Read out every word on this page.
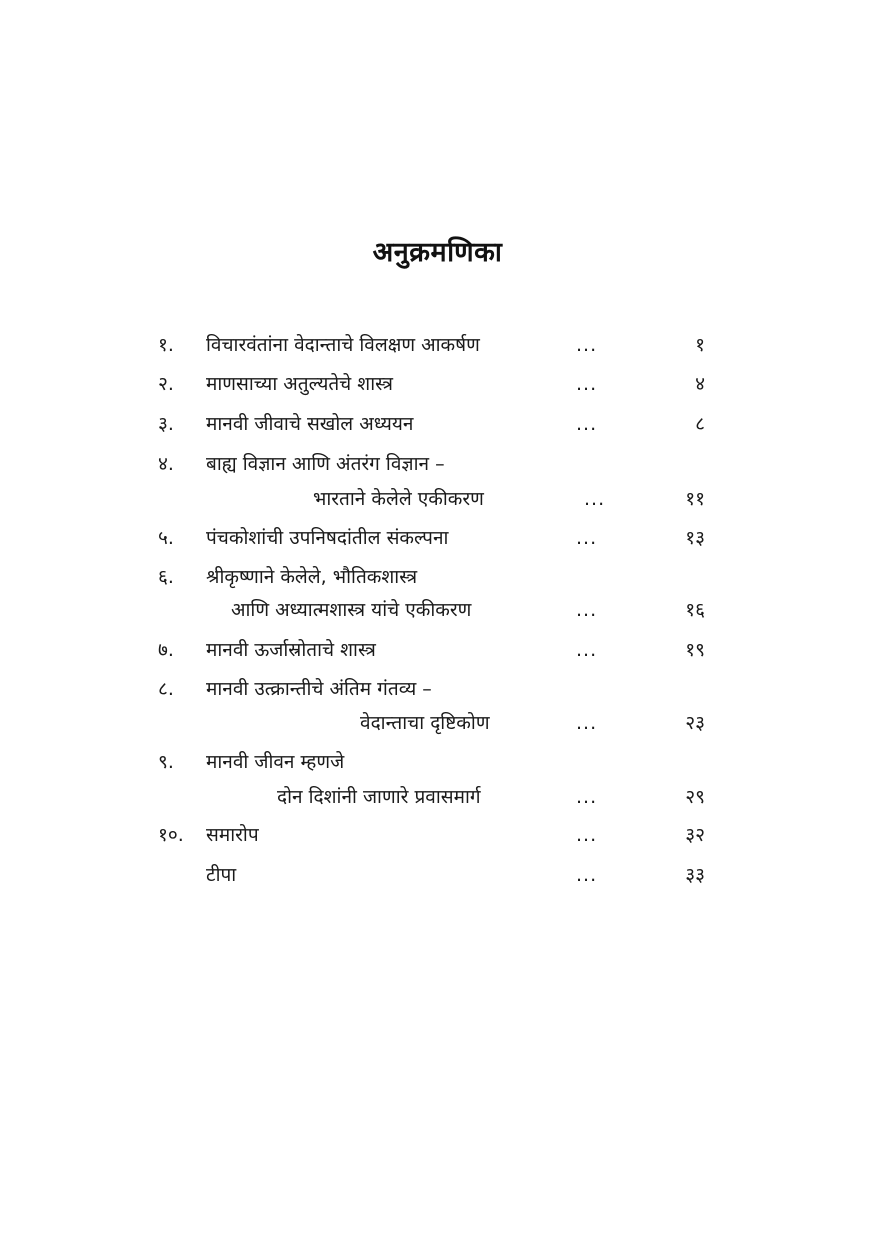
अनुक्रमणिका
१. विचारवंतांना वेदान्ताचे विलक्षण आकर्षण	...	१
२. माणसाच्या अतुल्यतेचे शास्त्र	...	४
३. मानवी जीवाचे सखोल अध्ययन	...	८
४. बाह्य विज्ञान आणि अंतरंग विज्ञान –
भारताने केलेले एकीकरण	...	११
५. पंचकोशांची उपनिषदांतील संकल्पना	...	१३
६. श्रीकृष्णाने केलेले, भौतिकशास्त्र
आणि अध्यात्मशास्त्र यांचे एकीकरण	...	१६
७. मानवी ऊर्जास्रोताचे शास्त्र	...	१९
८. मानवी उत्क्रान्तीचे अंतिम गंतव्य –
वेदान्ताचा दृष्टिकोण	...	२३
९. मानवी जीवन म्हणजे
दोन दिशांनी जाणारे प्रवासमार्ग	...	२९
१०. समारोप	...	३२
टीपा	...	३३
